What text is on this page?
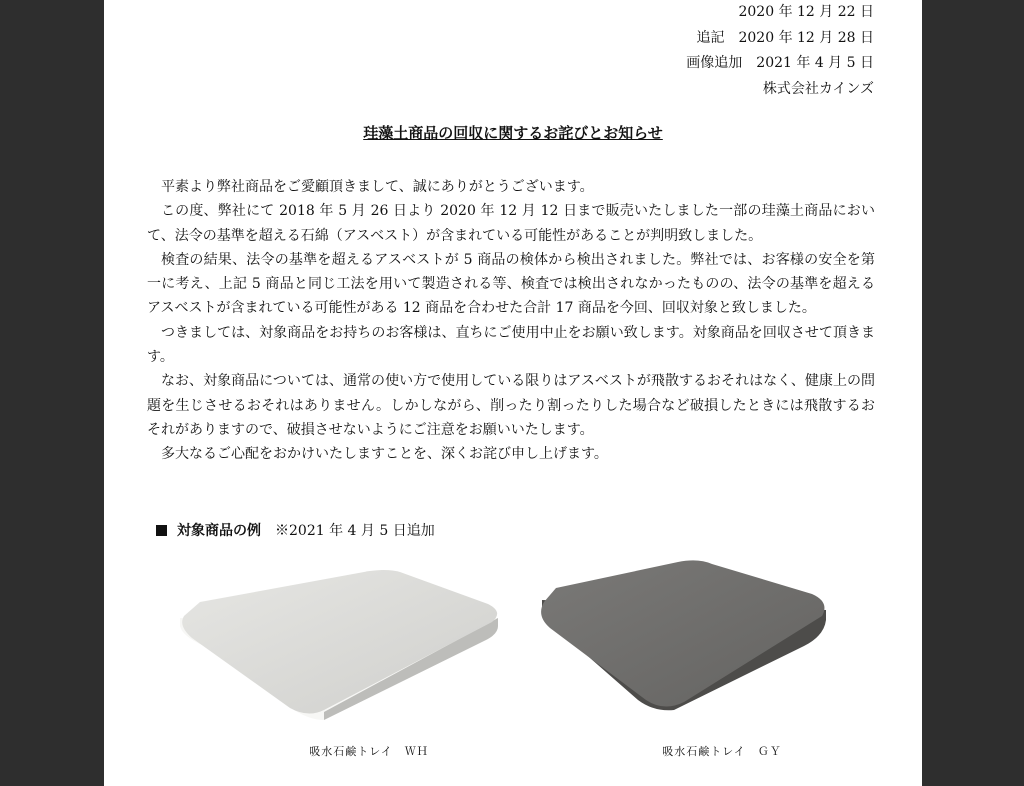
2020 年 12 月 22 日
追記　2020 年 12 月 28 日
画像追加　2021 年 4 月 5 日
株式会社カインズ
珪藻土商品の回収に関するお詫びとお知らせ

平素より弊社商品をご愛顧頂きまして、誠にありがとうございます。

この度、弊社にて 2018 年 5 月 26 日より 2020 年 12 月 12 日まで販売いたしました一部の珪藻土商品において、法令の基準を超える石綿（アスベスト）が含まれている可能性があることが判明致しました。

検査の結果、法令の基準を超えるアスベストが 5 商品の検体から検出されました。弊社では、お客様の安全を第一に考え、上記 5 商品と同じ工法を用いて製造される等、検査では検出されなかったものの、法令の基準を超えるアスベストが含まれている可能性がある 12 商品を合わせた合計 17 商品を今回、回収対象と致しました。

つきましては、対象商品をお持ちのお客様は、直ちにご使用中止をお願い致します。対象商品を回収させて頂きます。

なお、対象商品については、通常の使い方で使用している限りはアスベストが飛散するおそれはなく、健康上の問題を生じさせるおそれはありません。しかしながら、削ったり割ったりした場合など破損したときには飛散するおそれがありますので、破損させないようにご注意をお願いいたします。

多大なるご心配をおかけいたしますことを、深くお詫び申し上げます。

対象商品の例 ※2021 年 4 月 5 日追加
吸水石鹸トレイ　ＷＨ	吸水石鹸トレイ　ＧＹ
